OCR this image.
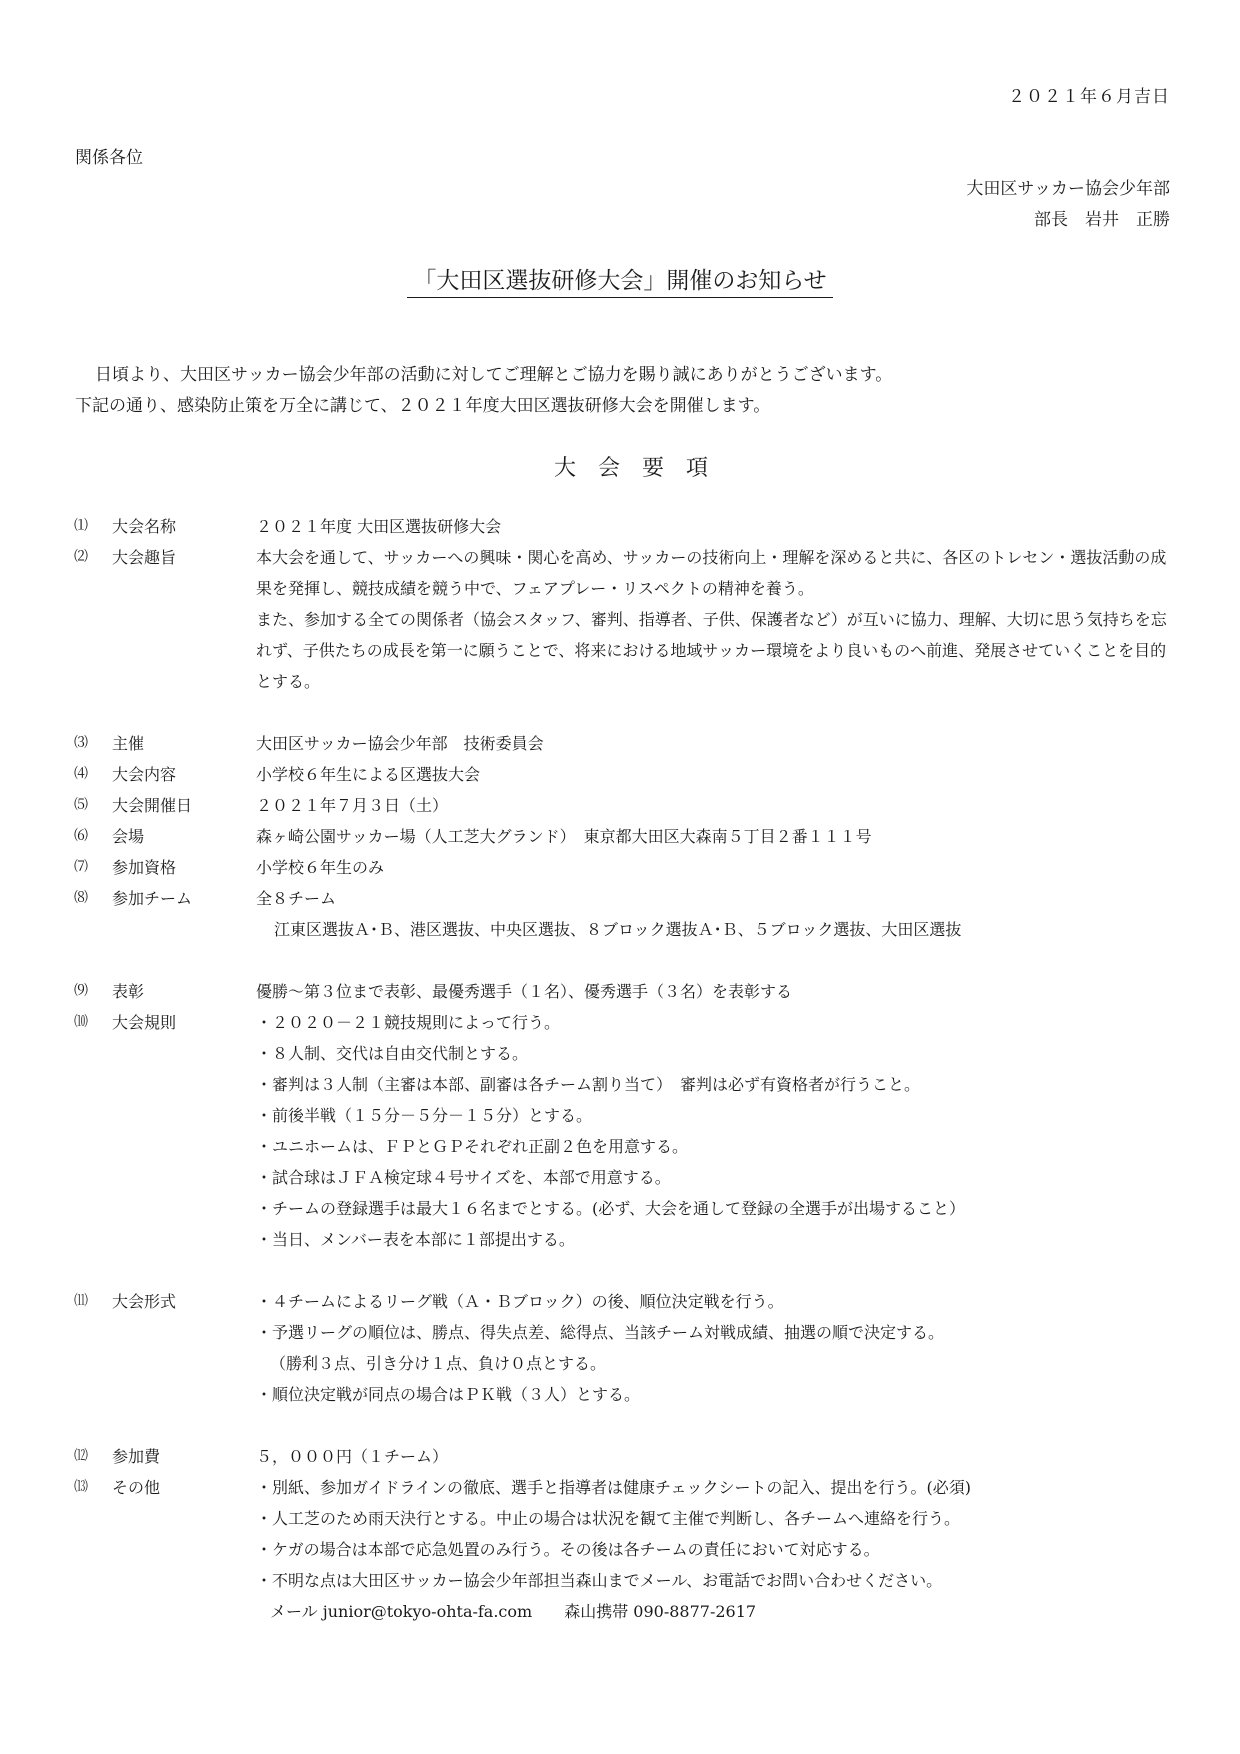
２０２１年６月吉日
関係各位
大田区サッカー協会少年部
部長　岩井　正勝
「大田区選抜研修大会」開催のお知らせ
日頃より、大田区サッカー協会少年部の活動に対してご理解とご協力を賜り誠にありがとうございます。
下記の通り、感染防止策を万全に講じて、２０２１年度大田区選抜研修大会を開催します。
大会要項
⑴	大会名称	２０２１年度 大田区選抜研修大会
⑵	大会趣旨	本大会を通して、サッカーへの興味・関心を高め、サッカーの技術向上・理解を深めると共に、各区のトレセン・選抜活動の成果を発揮し、競技成績を競う中で、フェアプレー・リスペクトの精神を養う。
また、参加する全ての関係者（協会スタッフ、審判、指導者、子供、保護者など）が互いに協力、理解、大切に思う気持ちを忘れず、子供たちの成長を第一に願うことで、将来における地域サッカー環境をより良いものへ前進、発展させていくことを目的とする。
⑶	主催	大田区サッカー協会少年部　技術委員会
⑷	大会内容	小学校６年生による区選抜大会
⑸	大会開催日	２０２１年７月３日（土）
⑹	会場	森ヶ崎公園サッカー場（人工芝大グランド）　東京都大田区大森南５丁目２番１１１号
⑺	参加資格	小学校６年生のみ
⑻	参加チーム	全８チーム
江東区選抜Ａ･Ｂ、港区選抜、中央区選抜、８ブロック選抜Ａ･Ｂ、５ブロック選抜、大田区選抜
⑼	表彰	優勝～第３位まで表彰、最優秀選手（１名）、優秀選手（３名）を表彰する
⑽	大会規則	・２０２０－２１競技規則によって行う。
・８人制、交代は自由交代制とする。
・審判は３人制（主審は本部、副審は各チーム割り当て）　審判は必ず有資格者が行うこと。
・前後半戦（１５分－５分－１５分）とする。
・ユニホームは、ＦＰとＧＰそれぞれ正副２色を用意する。
・試合球はＪＦＡ検定球４号サイズを、本部で用意する。
・チームの登録選手は最大１６名までとする。(必ず、大会を通して登録の全選手が出場すること）
・当日、メンバー表を本部に１部提出する。
⑾	大会形式	・４チームによるリーグ戦（Ａ・Ｂブロック）の後、順位決定戦を行う。
・予選リーグの順位は、勝点、得失点差、総得点、当該チーム対戦成績、抽選の順で決定する。
（勝利３点、引き分け１点、負け０点とする。
・順位決定戦が同点の場合はＰＫ戦（３人）とする。
⑿	参加費	５，０００円（１チーム）
⒀	その他	・別紙、参加ガイドラインの徹底、選手と指導者は健康チェックシートの記入、提出を行う。(必須)
・人工芝のため雨天決行とする。中止の場合は状況を観て主催で判断し、各チームへ連絡を行う。
・ケガの場合は本部で応急処置のみ行う。その後は各チームの責任において対応する。
・不明な点は大田区サッカー協会少年部担当森山までメール、お電話でお問い合わせください。
メール junior@tokyo-ohta-fa.com　　森山携帯 090-8877-2617
